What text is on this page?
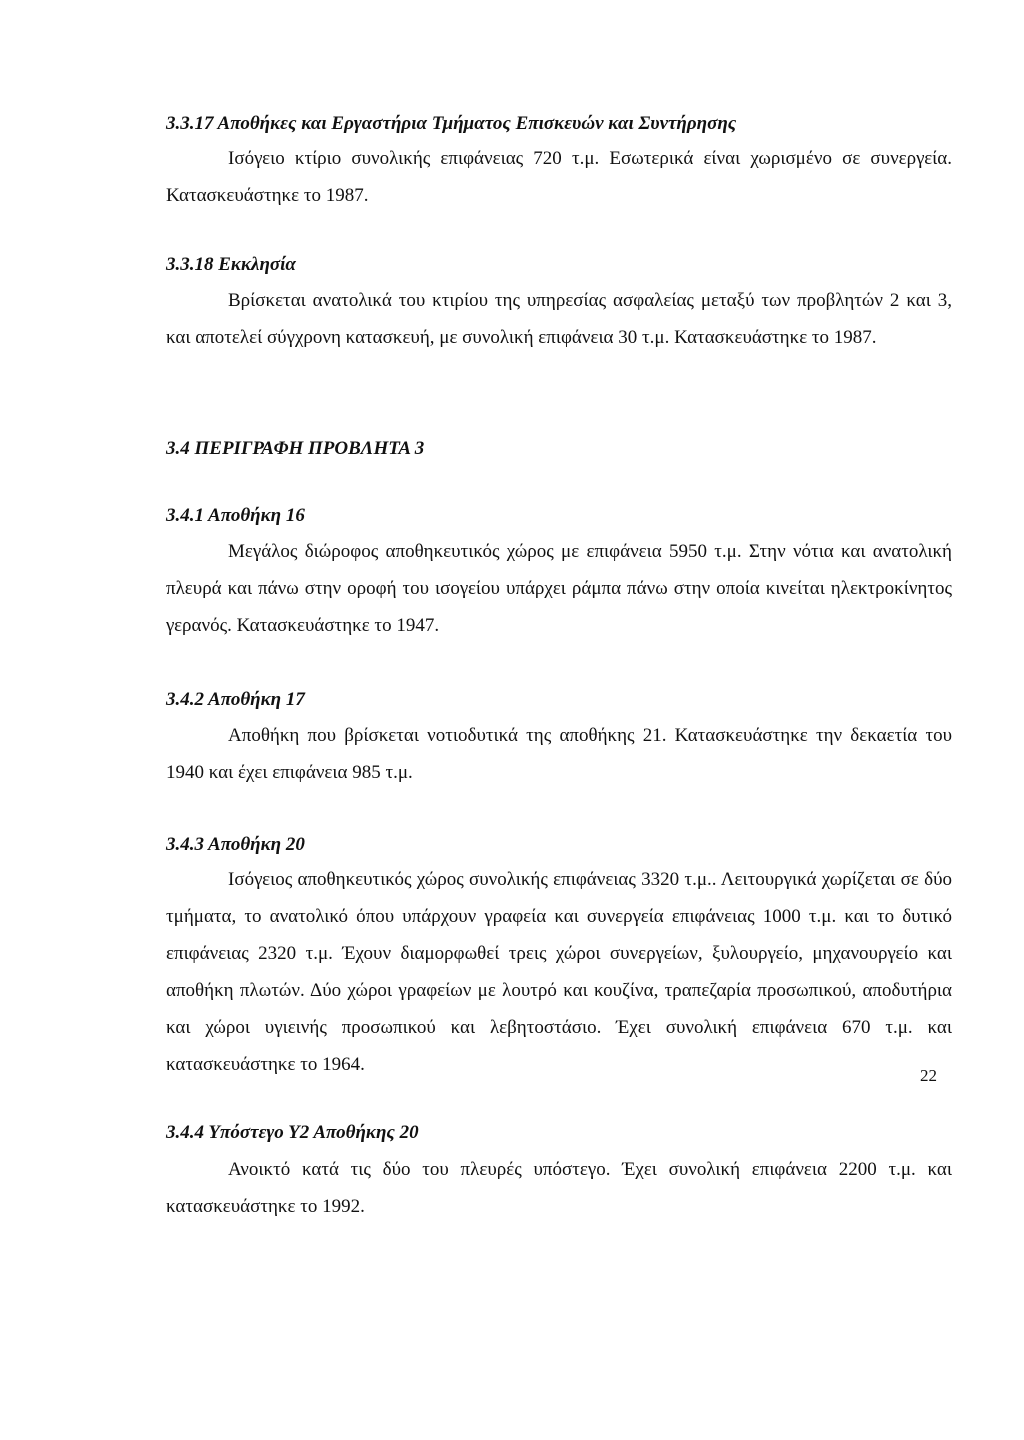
3.3.17 Αποθήκες και Εργαστήρια Τμήματος Επισκευών και Συντήρησης
Ισόγειο κτίριο συνολικής επιφάνειας 720 τ.μ. Εσωτερικά είναι χωρισμένο σε συνεργεία. Κατασκευάστηκε το 1987.
3.3.18 Εκκλησία
Βρίσκεται ανατολικά του κτιρίου της υπηρεσίας ασφαλείας μεταξύ των προβλητών 2 και 3, και αποτελεί σύγχρονη κατασκευή, με συνολική επιφάνεια 30 τ.μ. Κατασκευάστηκε το 1987.
3.4 ΠΕΡΙΓΡΑΦΗ ΠΡΟΒΛΗΤΑ 3
3.4.1 Αποθήκη 16
Μεγάλος διώροφος αποθηκευτικός χώρος με επιφάνεια 5950 τ.μ. Στην νότια και ανατολική πλευρά και πάνω στην οροφή του ισογείου υπάρχει ράμπα πάνω στην οποία κινείται ηλεκτροκίνητος γερανός. Κατασκευάστηκε το 1947.
3.4.2 Αποθήκη 17
Αποθήκη που βρίσκεται νοτιοδυτικά της αποθήκης 21. Κατασκευάστηκε την δεκαετία του 1940 και έχει επιφάνεια 985 τ.μ.
3.4.3 Αποθήκη 20
Ισόγειος αποθηκευτικός χώρος συνολικής επιφάνειας 3320 τ.μ.. Λειτουργικά χωρίζεται σε δύο τμήματα, το ανατολικό όπου υπάρχουν γραφεία και συνεργεία επιφάνειας 1000 τ.μ. και το δυτικό επιφάνειας 2320 τ.μ. Έχουν διαμορφωθεί τρεις χώροι συνεργείων, ξυλουργείο, μηχανουργείο και αποθήκη πλωτών. Δύο χώροι γραφείων με λουτρό και κουζίνα, τραπεζαρία προσωπικού, αποδυτήρια και χώροι υγιεινής προσωπικού και λεβητοστάσιο. Έχει συνολική επιφάνεια 670 τ.μ. και κατασκευάστηκε το 1964.
3.4.4 Υπόστεγο Υ2 Αποθήκης 20
Ανοικτό κατά τις δύο του πλευρές υπόστεγο. Έχει συνολική επιφάνεια 2200 τ.μ. και κατασκευάστηκε το 1992.
22
